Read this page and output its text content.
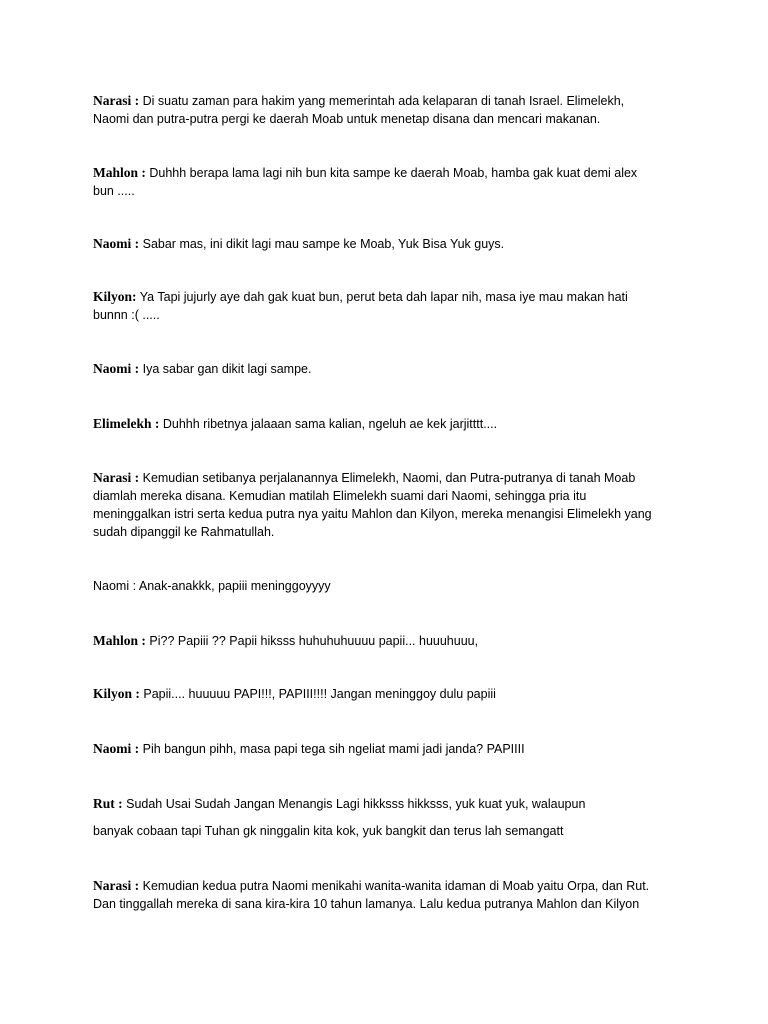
Narasi : Di suatu zaman para hakim yang memerintah ada kelaparan di tanah Israel. Elimelekh,
Naomi dan putra-putra pergi ke daerah Moab untuk menetap disana dan mencari makanan.
Mahlon : Duhhh berapa lama lagi nih bun kita sampe ke daerah Moab, hamba gak kuat demi alex
bun .....
Naomi : Sabar mas, ini dikit lagi mau sampe ke Moab, Yuk Bisa Yuk guys.
Kilyon: Ya Tapi jujurly aye dah gak kuat bun, perut beta dah lapar nih, masa iye mau makan hati
bunnn :( .....
Naomi : Iya sabar gan dikit lagi sampe.
Elimelekh : Duhhh ribetnya jalaaan sama kalian, ngeluh ae kek jarjitttt....
Narasi : Kemudian setibanya perjalanannya Elimelekh, Naomi, dan Putra-putranya di tanah Moab
diamlah mereka disana. Kemudian matilah Elimelekh suami dari Naomi, sehingga pria itu
meninggalkan istri serta kedua putra nya yaitu Mahlon dan Kilyon, mereka menangisi Elimelekh yang
sudah dipanggil ke Rahmatullah.
Naomi : Anak-anakkk, papiii meninggoyyyy
Mahlon : Pi?? Papiii ?? Papii hiksss huhuhuhuuuu papii... huuuhuuu,
Kilyon : Papii.... huuuuu PAPI!!!, PAPIII!!!! Jangan meninggoy dulu papiii
Naomi : Pih bangun pihh, masa papi tega sih ngeliat mami jadi janda? PAPIIII
Rut : Sudah Usai Sudah Jangan Menangis Lagi hikksss hikksss, yuk kuat yuk, walaupun
banyak cobaan tapi Tuhan gk ninggalin kita kok, yuk bangkit dan terus lah semangatt
Narasi : Kemudian kedua putra Naomi menikahi wanita-wanita idaman di Moab yaitu Orpa, dan Rut.
Dan tinggallah mereka di sana kira-kira 10 tahun lamanya. Lalu kedua putranya Mahlon dan Kilyon
